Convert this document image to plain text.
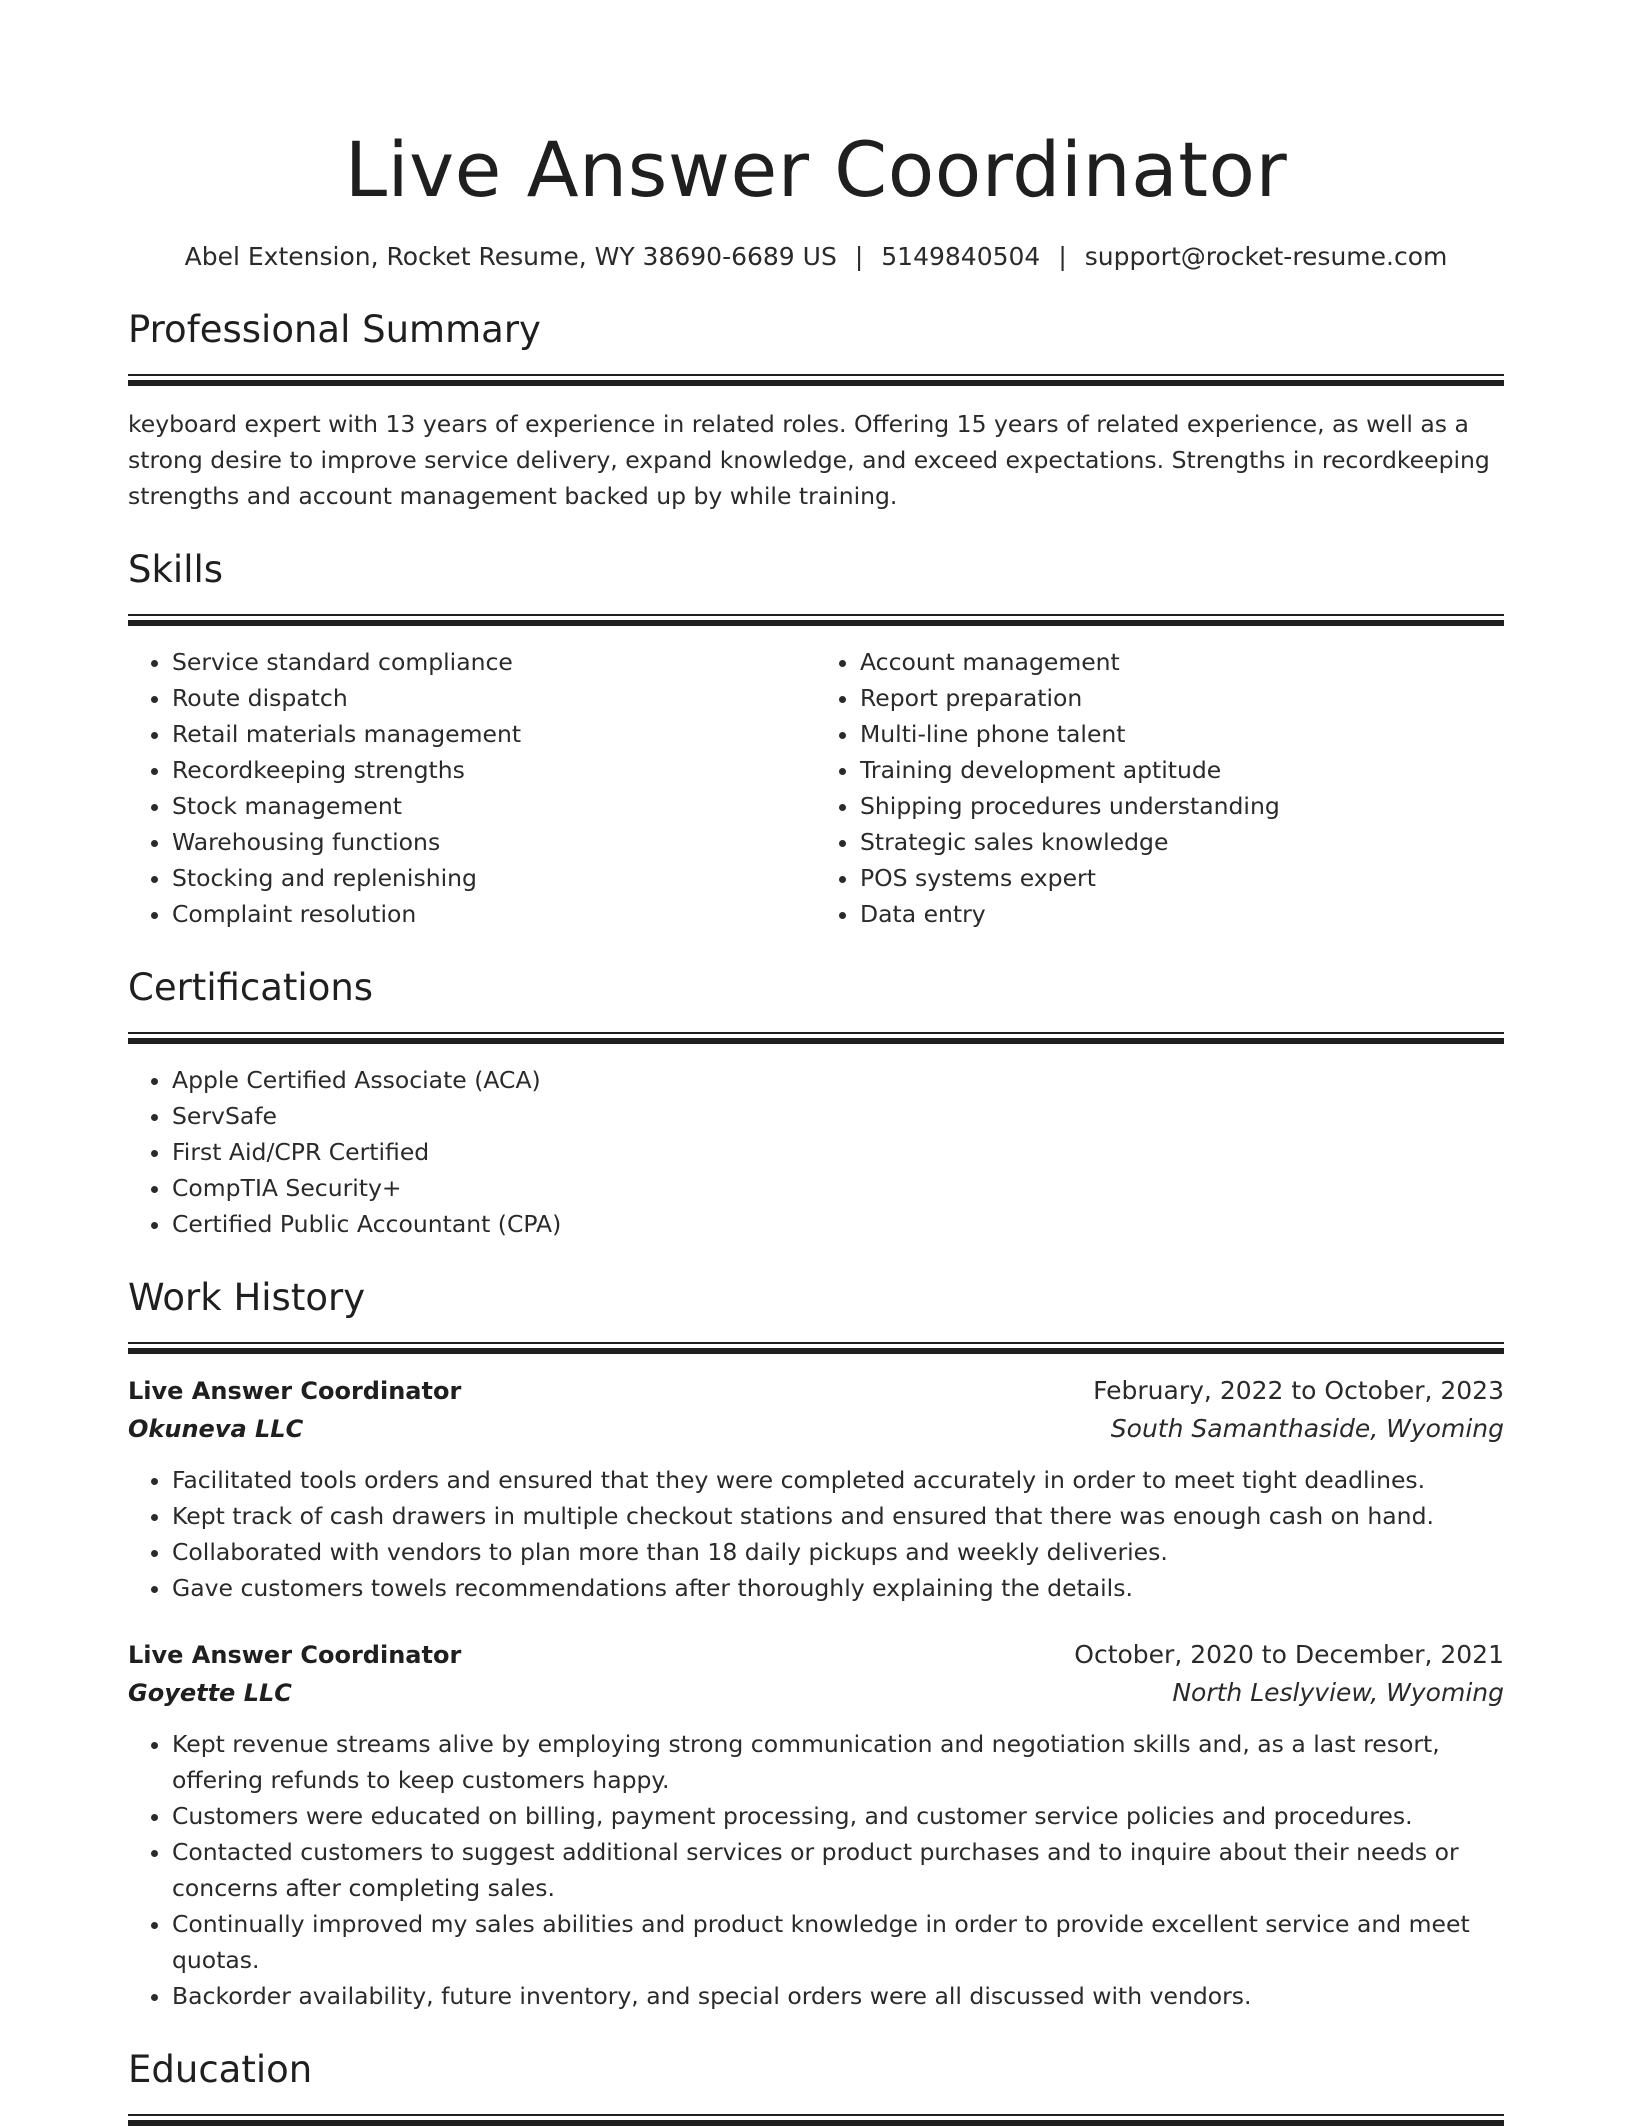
Live Answer Coordinator
Abel Extension, Rocket Resume, WY 38690-6689 US | 5149840504 | support@rocket-resume.com
Professional Summary

keyboard expert with 13 years of experience in related roles. Offering 15 years of related experience, as well as a strong desire to improve service delivery, expand knowledge, and exceed expectations. Strengths in recordkeeping strengths and account management backed up by while training.

Skills
• Service standard compliance
• Route dispatch
• Retail materials management
• Recordkeeping strengths
• Stock management
• Warehousing functions
• Stocking and replenishing
• Complaint resolution
• Account management
• Report preparation
• Multi-line phone talent
• Training development aptitude
• Shipping procedures understanding
• Strategic sales knowledge
• POS systems expert
• Data entry
Certifications
• Apple Certified Associate (ACA)
• ServSafe
• First Aid/CPR Certified
• CompTIA Security+
• Certified Public Accountant (CPA)
Work History
Live Answer Coordinator	February, 2022 to October, 2023
Okuneva LLC	South Samanthaside, Wyoming
• Facilitated tools orders and ensured that they were completed accurately in order to meet tight deadlines.
• Kept track of cash drawers in multiple checkout stations and ensured that there was enough cash on hand.
• Collaborated with vendors to plan more than 18 daily pickups and weekly deliveries.
• Gave customers towels recommendations after thoroughly explaining the details.
Live Answer Coordinator	October, 2020 to December, 2021
Goyette LLC	North Leslyview, Wyoming
• Kept revenue streams alive by employing strong communication and negotiation skills and, as a last resort, offering refunds to keep customers happy.
• Customers were educated on billing, payment processing, and customer service policies and procedures.
• Contacted customers to suggest additional services or product purchases and to inquire about their needs or concerns after completing sales.
• Continually improved my sales abilities and product knowledge in order to provide excellent service and meet quotas.
• Backorder availability, future inventory, and special orders were all discussed with vendors.
Education
